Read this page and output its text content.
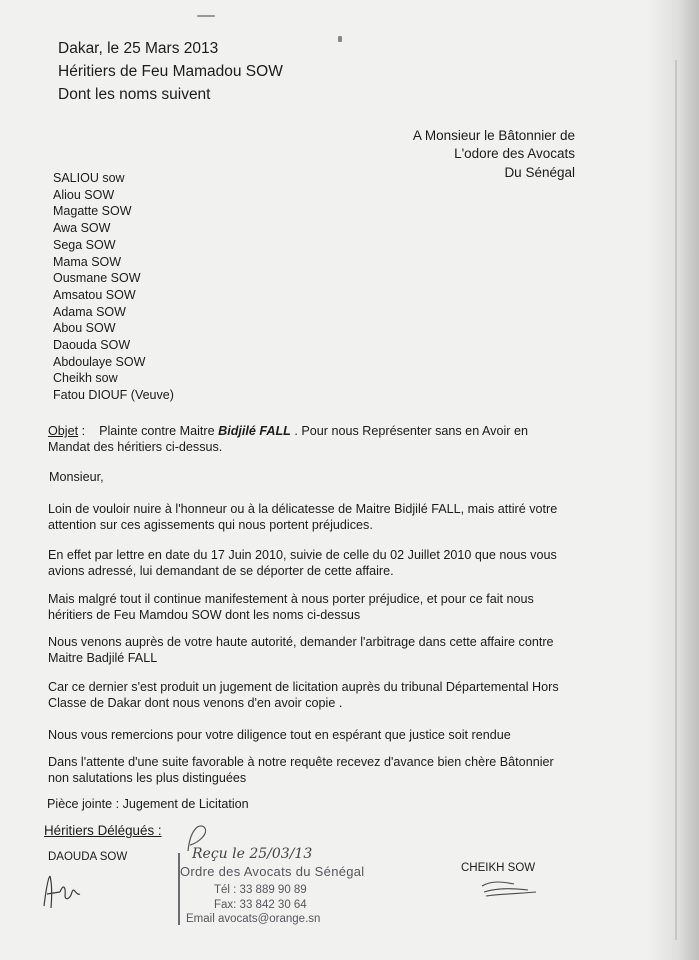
Dakar, le 25 Mars 2013
Héritiers de Feu Mamadou SOW
Dont les noms suivent
A Monsieur le Bâtonnier de
L'odore des Avocats
Du Sénégal
SALIOU sow
Aliou SOW
Magatte SOW
Awa SOW
Sega SOW
Mama SOW
Ousmane SOW
Amsatou SOW
Adama SOW
Abou SOW
Daouda SOW
Abdoulaye SOW
Cheikh sow
Fatou DIOUF (Veuve)
Objet :    Plainte contre Maitre Bidjilé FALL . Pour nous Représenter sans en Avoir en
Mandat des héritiers ci-dessus.
Monsieur,
Loin de vouloir nuire à l'honneur ou à la délicatesse de Maitre Bidjilé FALL, mais attiré votre
attention sur ces agissements qui nous portent préjudices.
En effet par lettre en date du 17 Juin 2010, suivie de celle du 02 Juillet 2010 que nous vous
avions adressé, lui demandant de se déporter de cette affaire.
Mais malgré tout il continue manifestement à nous porter préjudice, et pour ce fait nous
héritiers de Feu Mamdou SOW dont les noms ci-dessus
Nous venons auprès de votre haute autorité, demander l'arbitrage dans cette affaire contre
Maitre Badjilé FALL
Car ce dernier s'est produit un jugement de licitation auprès du tribunal Départemental Hors
Classe de Dakar dont nous venons d'en avoir copie .
Nous vous remercions pour votre diligence tout en espérant que justice soit rendue
Dans l'attente d'une suite favorable à notre requête recevez d'avance bien chère Bâtonnier
non salutations les plus distinguées
Pièce jointe : Jugement de Licitation
Héritiers Délégués :
DAOUDA SOW
CHEIKH SOW
Reçu le 25/03/13
Ordre des Avocats du Sénégal
Tél : 33 889 90 89
Fax: 33 842 30 64
Email avocats@orange.sn
